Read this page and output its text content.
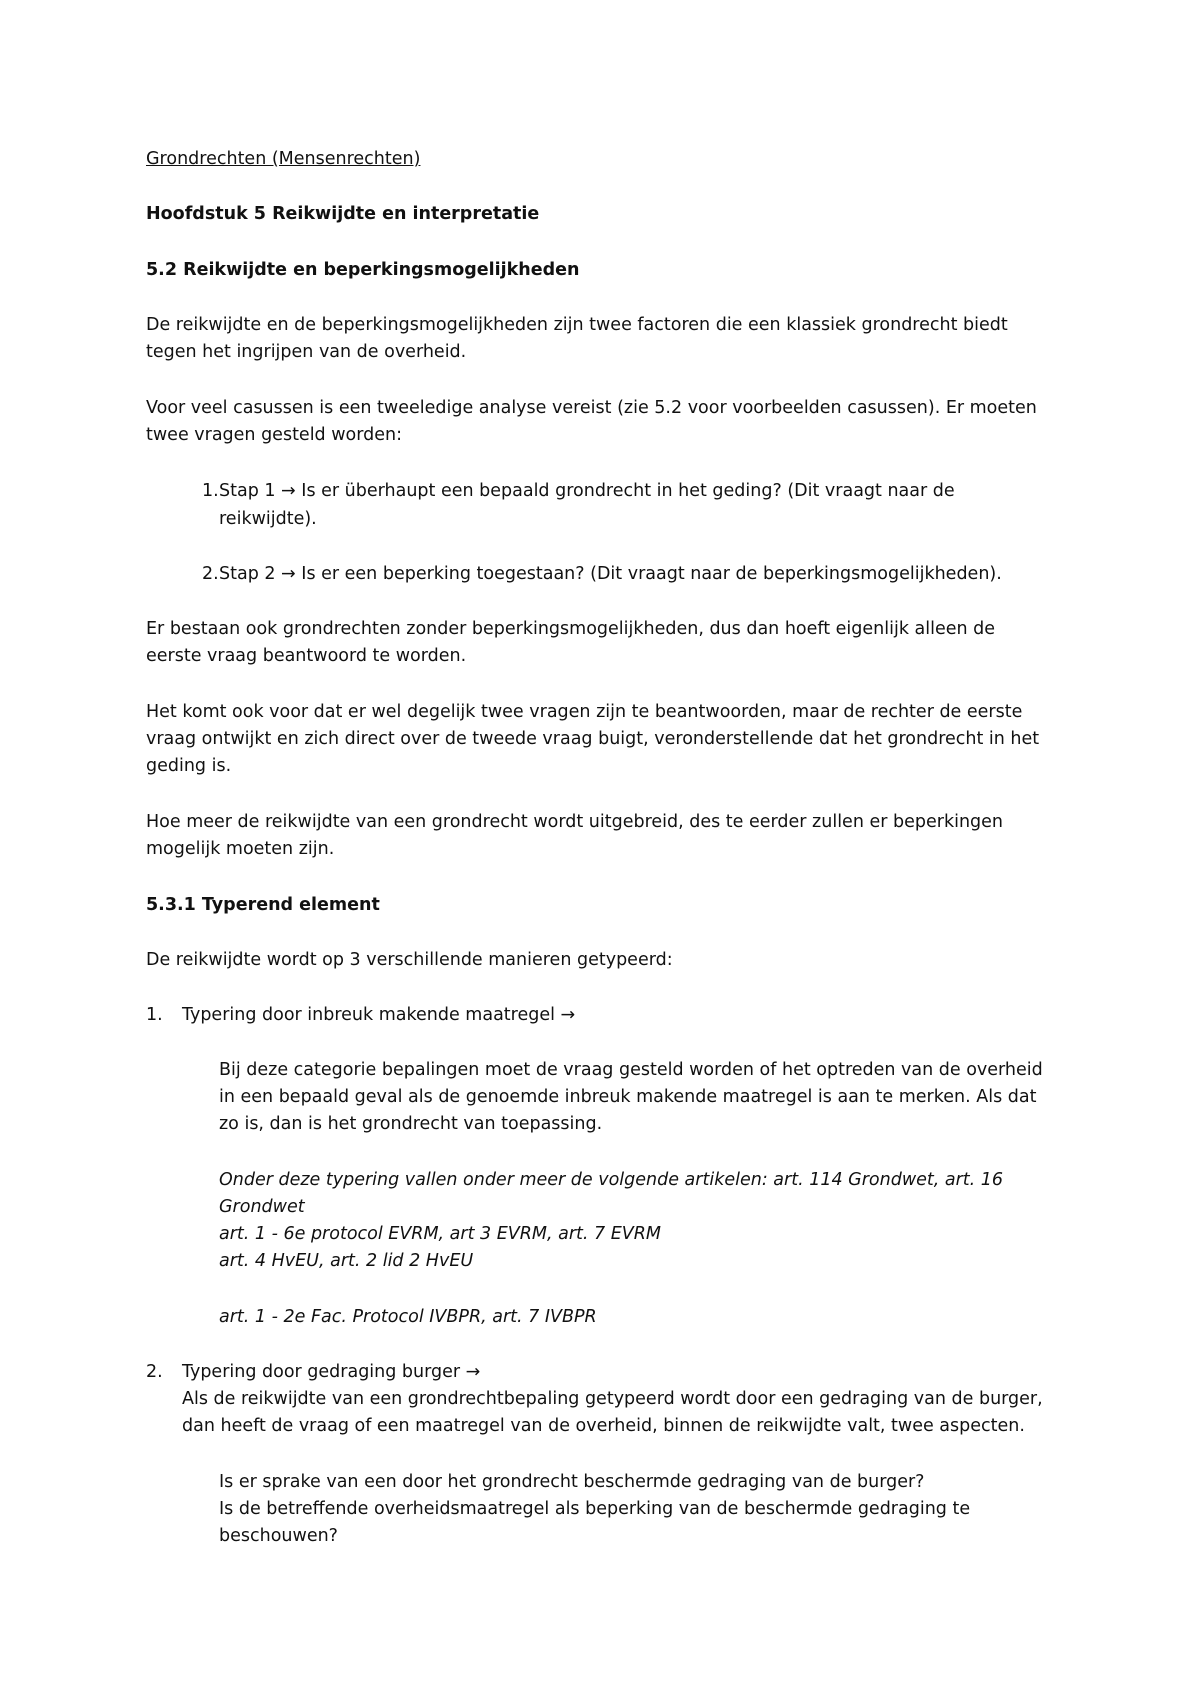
Grondrechten (Mensenrechten)

Hoofdstuk 5 Reikwijdte en interpretatie

5.2 Reikwijdte en beperkingsmogelijkheden

De reikwijdte en de beperkingsmogelijkheden zijn twee factoren die een klassiek grondrecht biedt

tegen het ingrijpen van de overheid.

Voor veel casussen is een tweeledige analyse vereist (zie 5.2 voor voorbeelden casussen). Er moeten

twee vragen gesteld worden:

1. Stap 1 → Is er überhaupt een bepaald grondrecht in het geding? (Dit vraagt naar de

reikwijdte).

2. Stap 2 → Is er een beperking toegestaan? (Dit vraagt naar de beperkingsmogelijkheden).

Er bestaan ook grondrechten zonder beperkingsmogelijkheden, dus dan hoeft eigenlijk alleen de

eerste vraag beantwoord te worden.

Het komt ook voor dat er wel degelijk twee vragen zijn te beantwoorden, maar de rechter de eerste

vraag ontwijkt en zich direct over de tweede vraag buigt, veronderstellende dat het grondrecht in het

geding is.

Hoe meer de reikwijdte van een grondrecht wordt uitgebreid, des te eerder zullen er beperkingen

mogelijk moeten zijn.

5.3.1 Typerend element

De reikwijdte wordt op 3 verschillende manieren getypeerd:

1. Typering door inbreuk makende maatregel →

Bij deze categorie bepalingen moet de vraag gesteld worden of het optreden van de overheid

in een bepaald geval als de genoemde inbreuk makende maatregel is aan te merken. Als dat

zo is, dan is het grondrecht van toepassing.

Onder deze typering vallen onder meer de volgende artikelen: art. 114 Grondwet, art. 16

Grondwet

art. 1 - 6e protocol EVRM, art 3 EVRM, art. 7 EVRM

art. 4 HvEU, art. 2 lid 2 HvEU

art. 1 - 2e Fac. Protocol IVBPR, art. 7 IVBPR

2. Typering door gedraging burger →

Als de reikwijdte van een grondrechtbepaling getypeerd wordt door een gedraging van de burger,

dan heeft de vraag of een maatregel van de overheid, binnen de reikwijdte valt, twee aspecten.

Is er sprake van een door het grondrecht beschermde gedraging van de burger?

Is de betreffende overheidsmaatregel als beperking van de beschermde gedraging te

beschouwen?
